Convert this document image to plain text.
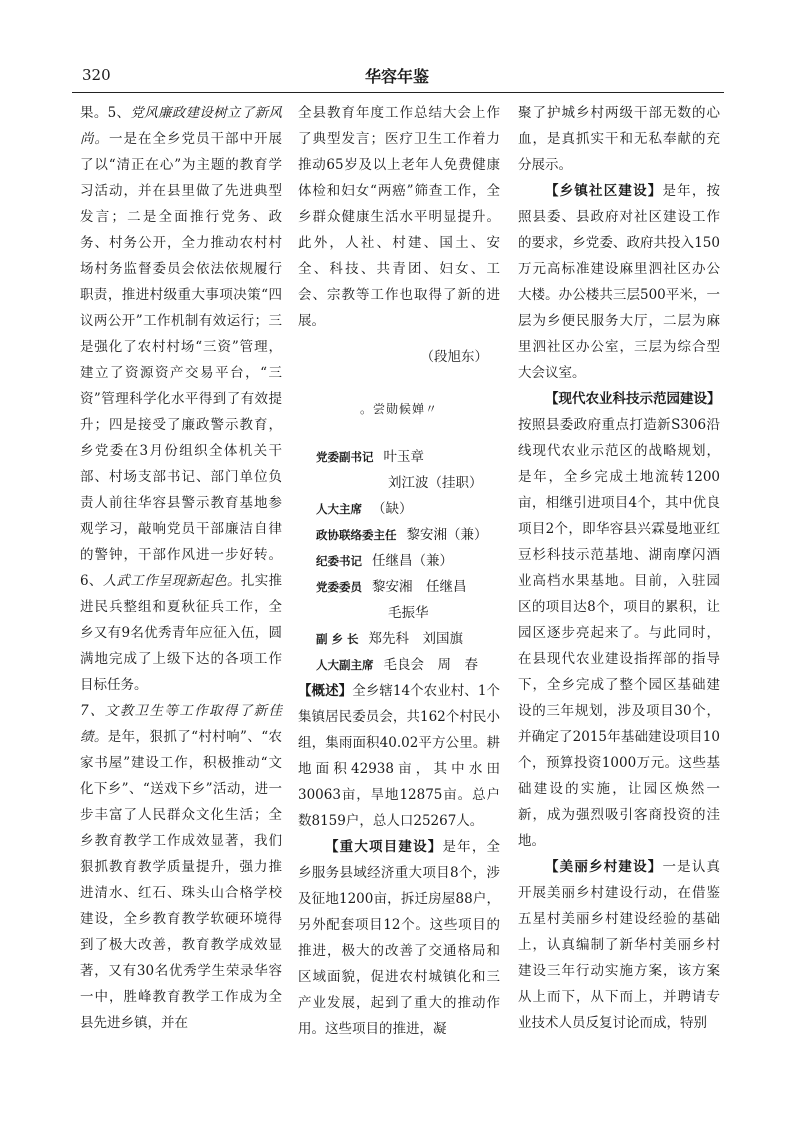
320	华容年鉴

果。5、党风廉政建设树立了新风尚。一是在全乡党员干部中开展了以“清正在心”为主题的教育学习活动，并在县里做了先进典型发言；二是全面推行党务、政务、村务公开，全力推动农村村场村务监督委员会依法依规履行职责，推进村级重大事项决策“四议两公开”工作机制有效运行；三是强化了农村村场“三资”管理，建立了资源资产交易平台，“三资”管理科学化水平得到了有效提升；四是接受了廉政警示教育，乡党委在3月份组织全体机关干部、村场支部书记、部门单位负责人前往华容县警示教育基地参观学习，敲响党员干部廉洁自律的警钟，干部作风进一步好转。6、人武工作呈现新起色。扎实推进民兵整组和夏秋征兵工作，全乡又有9名优秀青年应征入伍，圆满地完成了上级下达的各项工作目标任务。

7、文教卫生等工作取得了新佳绩。是年，狠抓了“村村响”、“农家书屋”建设工作，积极推动“文化下乡”、“送戏下乡”活动，进一步丰富了人民群众文化生活；全乡教育教学工作成效显著，我们狠抓教育教学质量提升，强力推进清水、红石、珠头山合格学校建设，全乡教育教学软硬环境得到了极大改善，教育教学成效显著，又有30名优秀学生荣录华容一中，胜峰教育教学工作成为全县先进乡镇，并在

全县教育年度工作总结大会上作了典型发言；医疗卫生工作着力推动65岁及以上老年人免费健康体检和妇女“两癌”筛查工作，全乡群众健康生活水平明显提升。此外，人社、村建、国土、安全、科技、共青团、妇女、工会、宗教等工作也取得了新的进展。

（段旭东）

。尝勋候婵〃

党委副书记 叶玉章
刘江波（挂职）
人大主席 （缺）
政协联络委主任 黎安湘（兼）
纪委书记 任继昌（兼）
党委委员 黎安湘　任继昌
毛振华
副 乡 长 郑先科　刘国旗
人大副主席 毛良会　周　春

【概述】全乡辖14个农业村、1个集镇居民委员会，共162个村民小组，集雨面积40.02平方公里。耕地面积42938亩，其中水田30063亩，旱地12875亩。总户数8159户，总人口25267人。

【重大项目建设】是年，全乡服务县域经济重大项目8个，涉及征地1200亩，拆迁房屋88户，另外配套项目12个。这些项目的推进，极大的改善了交通格局和区域面貌，促进农村城镇化和三产业发展，起到了重大的推动作用。这些项目的推进，凝

聚了护城乡村两级干部无数的心血，是真抓实干和无私奉献的充分展示。

【乡镇社区建设】是年，按照县委、县政府对社区建设工作的要求，乡党委、政府共投入150万元高标准建设麻里泗社区办公大楼。办公楼共三层500平米，一层为乡便民服务大厅，二层为麻里泗社区办公室，三层为综合型大会议室。

【现代农业科技示范园建设】按照县委政府重点打造新S306沿线现代农业示范区的战略规划，是年，全乡完成土地流转1200亩，相继引进项目4个，其中优良项目2个，即华容县兴霖曼地亚红豆杉科技示范基地、湖南摩闪酒业高档水果基地。目前，入驻园区的项目达8个，项目的累积，让园区逐步亮起来了。与此同时，在县现代农业建设指挥部的指导下，全乡完成了整个园区基础建设的三年规划，涉及项目30个，并确定了2015年基础建设项目10个，预算投资1000万元。这些基础建设的实施，让园区焕然一新，成为强烈吸引客商投资的洼地。

【美丽乡村建设】一是认真开展美丽乡村建设行动，在借鉴五星村美丽乡村建设经验的基础上，认真编制了新华村美丽乡村建设三年行动实施方案，该方案从上而下，从下而上，并聘请专业技术人员反复讨论而成，特别
